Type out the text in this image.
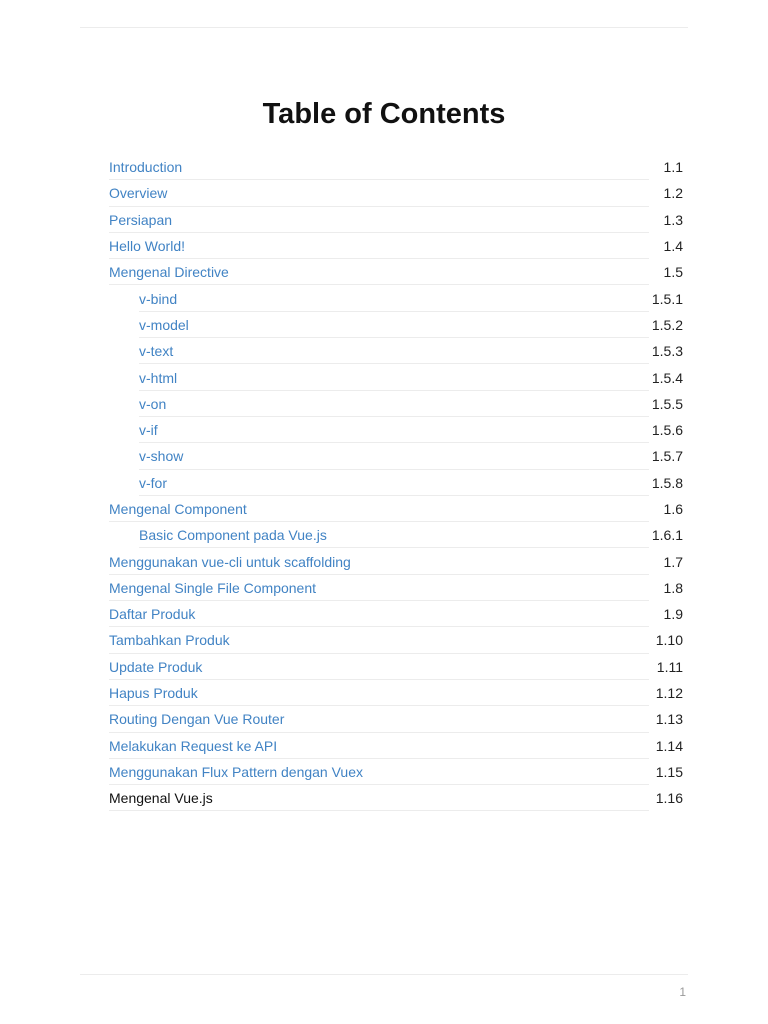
Table of Contents
Introduction	1.1
Overview	1.2
Persiapan	1.3
Hello World!	1.4
Mengenal Directive	1.5
v-bind	1.5.1
v-model	1.5.2
v-text	1.5.3
v-html	1.5.4
v-on	1.5.5
v-if	1.5.6
v-show	1.5.7
v-for	1.5.8
Mengenal Component	1.6
Basic Component pada Vue.js	1.6.1
Menggunakan vue-cli untuk scaffolding	1.7
Mengenal Single File Component	1.8
Daftar Produk	1.9
Tambahkan Produk	1.10
Update Produk	1.11
Hapus Produk	1.12
Routing Dengan Vue Router	1.13
Melakukan Request ke API	1.14
Menggunakan Flux Pattern dengan Vuex	1.15
Mengenal Vue.js	1.16
1
